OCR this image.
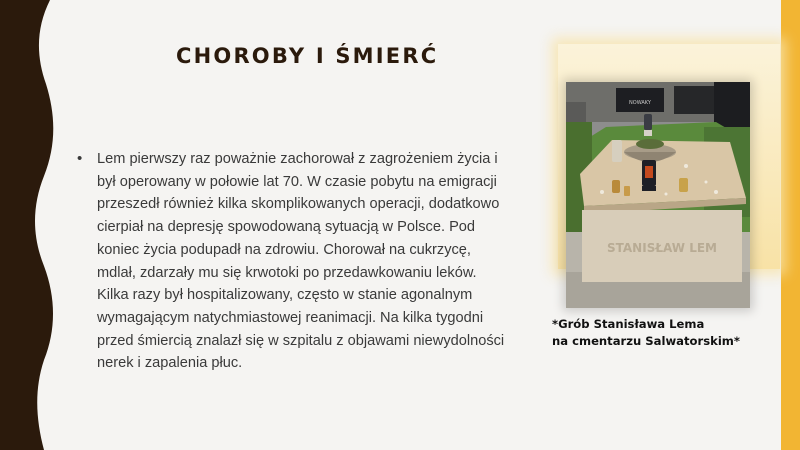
CHOROBY I ŚMIERĆ
• Lem pierwszy raz poważnie zachorował z zagrożeniem życia i był operowany w połowie lat 70. W czasie pobytu na emigracji przeszedł również kilka skomplikowanych operacji, dodatkowo cierpiał na depresję spowodowaną sytuacją w Polsce. Pod koniec życia podupadł na zdrowiu. Chorował na cukrzycę, mdlał, zdarzały mu się krwotoki po przedawkowaniu leków. Kilka razy był hospitalizowany, często w stanie agonalnym wymagającym natychmiastowej reanimacji. Na kilka tygodni przed śmiercią znalazł się w szpitalu z objawami niewydolności nerek i zapalenia płuc.

NOWAKY
STANISŁAW LEM
*Grób Stanisława Lema
na cmentarzu Salwatorskim*
